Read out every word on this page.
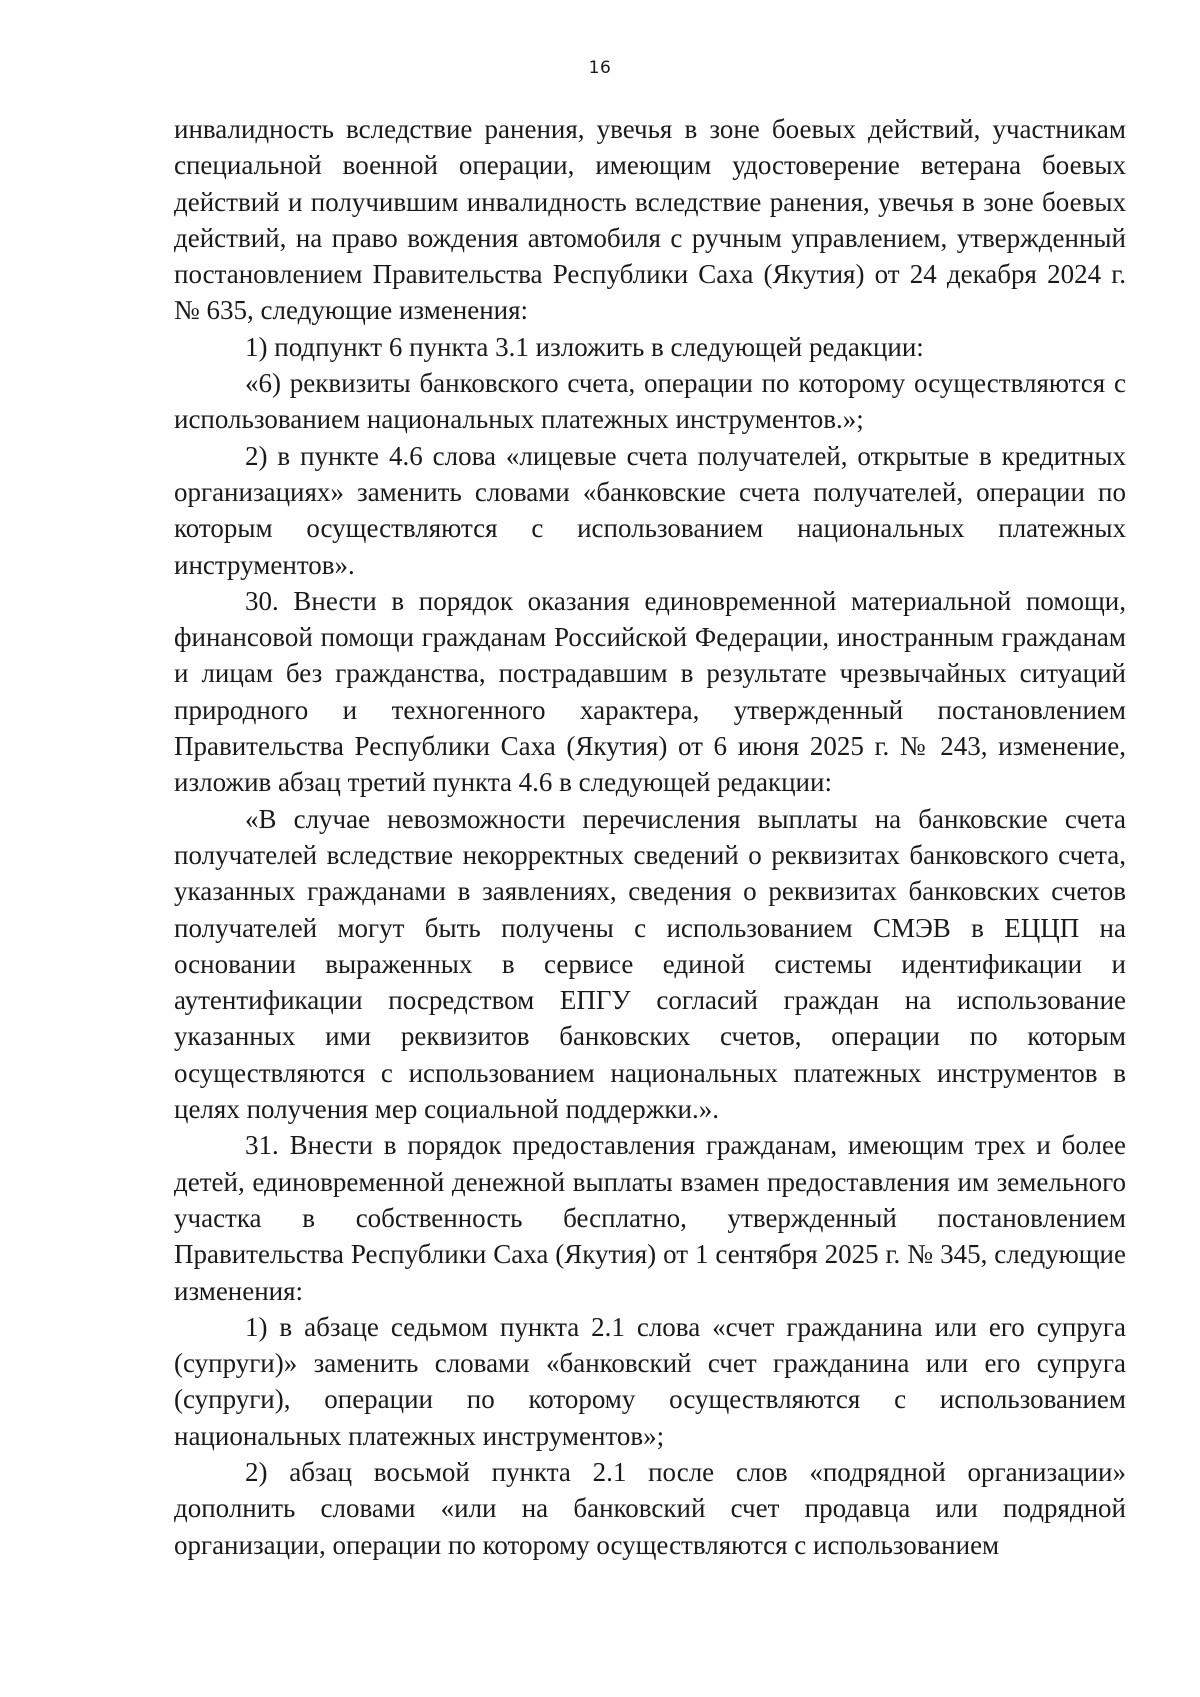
16

инвалидность вследствие ранения, увечья в зоне боевых действий, участникам специальной военной операции, имеющим удостоверение ветерана боевых действий и получившим инвалидность вследствие ранения, увечья в зоне боевых действий, на право вождения автомобиля с ручным управлением, утвержденный постановлением Правительства Республики Саха (Якутия) от 24 декабря 2024 г. № 635, следующие изменения:

1) подпункт 6 пункта 3.1 изложить в следующей редакции:

«6) реквизиты банковского счета, операции по которому осуществляются с использованием национальных платежных инструментов.»;

2) в пункте 4.6 слова «лицевые счета получателей, открытые в кредитных организациях» заменить словами «банковские счета получателей, операции по которым осуществляются с использованием национальных платежных инструментов».

30. Внести в порядок оказания единовременной материальной помощи, финансовой помощи гражданам Российской Федерации, иностранным гражданам и лицам без гражданства, пострадавшим в результате чрезвычайных ситуаций природного и техногенного характера, утвержденный постановлением Правительства Республики Саха (Якутия) от 6 июня 2025 г. № 243, изменение, изложив абзац третий пункта 4.6 в следующей редакции:

«В случае невозможности перечисления выплаты на банковские счета получателей вследствие некорректных сведений о реквизитах банковского счета, указанных гражданами в заявлениях, сведения о реквизитах банковских счетов получателей могут быть получены с использованием СМЭВ в ЕЦЦП на основании выраженных в сервисе единой системы идентификации и аутентификации посредством ЕПГУ согласий граждан на использование указанных ими реквизитов банковских счетов, операции по которым осуществляются с использованием национальных платежных инструментов в целях получения мер социальной поддержки.».

31. Внести в порядок предоставления гражданам, имеющим трех и более детей, единовременной денежной выплаты взамен предоставления им земельного участка в собственность бесплатно, утвержденный постановлением Правительства Республики Саха (Якутия) от 1 сентября 2025 г. № 345, следующие изменения:

1) в абзаце седьмом пункта 2.1 слова «счет гражданина или его супруга (супруги)» заменить словами «банковский счет гражданина или его супруга (супруги), операции по которому осуществляются с использованием национальных платежных инструментов»;

2) абзац восьмой пункта 2.1 после слов «подрядной организации» дополнить словами «или на банковский счет продавца или подрядной организации, операции по которому осуществляются с использованием
